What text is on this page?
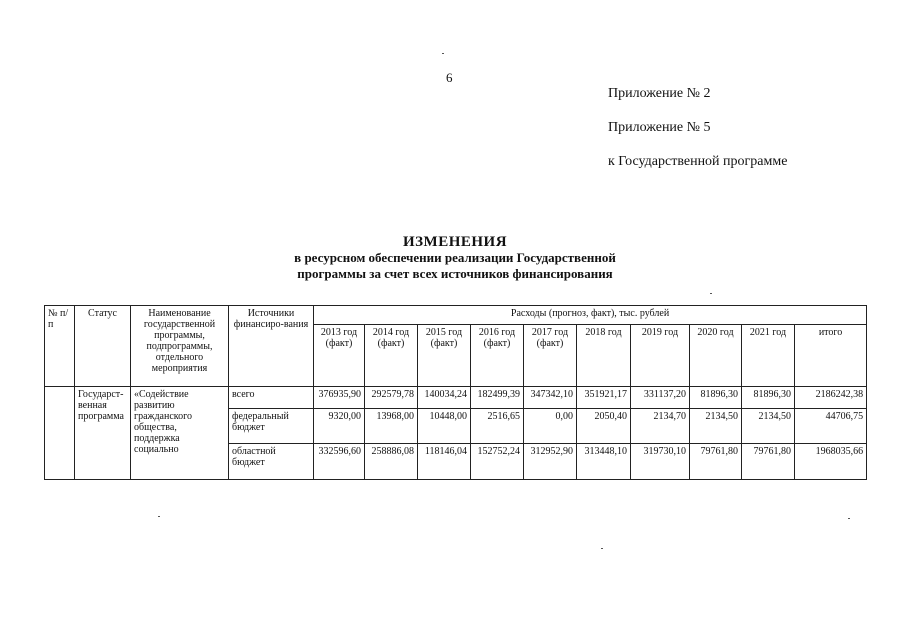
6
Приложение № 2
Приложение № 5
к Государственной программе
ИЗМЕНЕНИЯ
в ресурсном обеспечении реализации Государственной
программы за счет всех источников финансирования
№ п/п	Статус	Наименование государственной программы, подпрограммы, отдельного мероприятия	Источники финансиро-вания	Расходы (прогноз, факт), тыс. рублей									
				2013 год (факт)	2014 год (факт)	2015 год (факт)	2016 год (факт)	2017 год (факт)	2018 год	2019 год	2020 год	2021 год	итого
	Государст-венная программа	«Содействие развитию гражданского общества, поддержка социально	всего	376935,90	292579,78	140034,24	182499,39	347342,10	351921,17	331137,20	81896,30	81896,30	2186242,38
			федеральный бюджет	9320,00	13968,00	10448,00	2516,65	0,00	2050,40	2134,70	2134,50	2134,50	44706,75
			областной бюджет	332596,60	258886,08	118146,04	152752,24	312952,90	313448,10	319730,10	79761,80	79761,80	1968035,66
